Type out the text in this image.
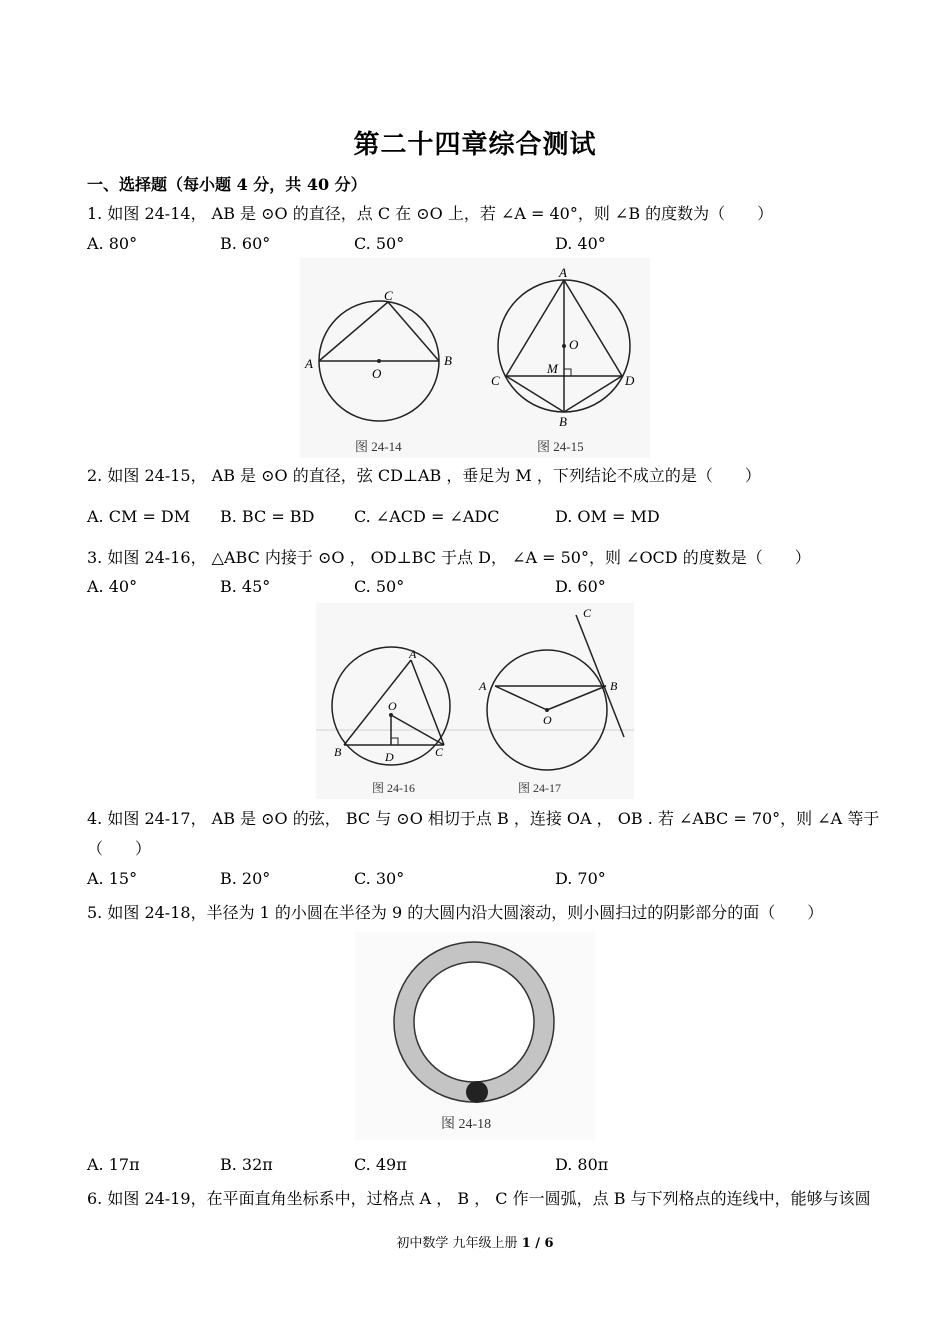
第二十四章综合测试
一、选择题（每小题 4 分，共 40 分）
1. 如图 24-14， AB 是 ⊙O 的直径，点 C 在 ⊙O 上，若 ∠A = 40°，则 ∠B 的度数为（　　）
A. 80°	B. 60°	C. 50°	D. 40°
C
A	B
O
图 24-14
A
O
M
C	D
B
图 24-15
2. 如图 24-15， AB 是 ⊙O 的直径，弦 CD⊥AB ，垂足为 M ，下列结论不成立的是（　　）
A. CM = DM B. BC = BD C. ∠ACD = ∠ADC	D. OM = MD
3. 如图 24-16， △ABC 内接于 ⊙O ， OD⊥BC 于点 D， ∠A = 50°，则 ∠OCD 的度数是（　　）
A. 40°	B. 45°	C. 50°	D. 60°
A
O
B	D	C
图 24-16
C
A	B
O
图 24-17
4. 如图 24-17， AB 是 ⊙O 的弦， BC 与 ⊙O 相切于点 B ，连接 OA ， OB . 若 ∠ABC = 70°，则 ∠A 等于
（　　）
A. 15°	B. 20°	C. 30°	D. 70°
5. 如图 24-18，半径为 1 的小圆在半径为 9 的大圆内沿大圆滚动，则小圆扫过的阴影部分的面（　　）
图 24-18
A. 17π	B. 32π	C. 49π	D. 80π
6. 如图 24-19，在平面直角坐标系中，过格点 A ， B ， C 作一圆弧，点 B 与下列格点的连线中，能够与该圆
初中数学 九年级上册 1 / 6
